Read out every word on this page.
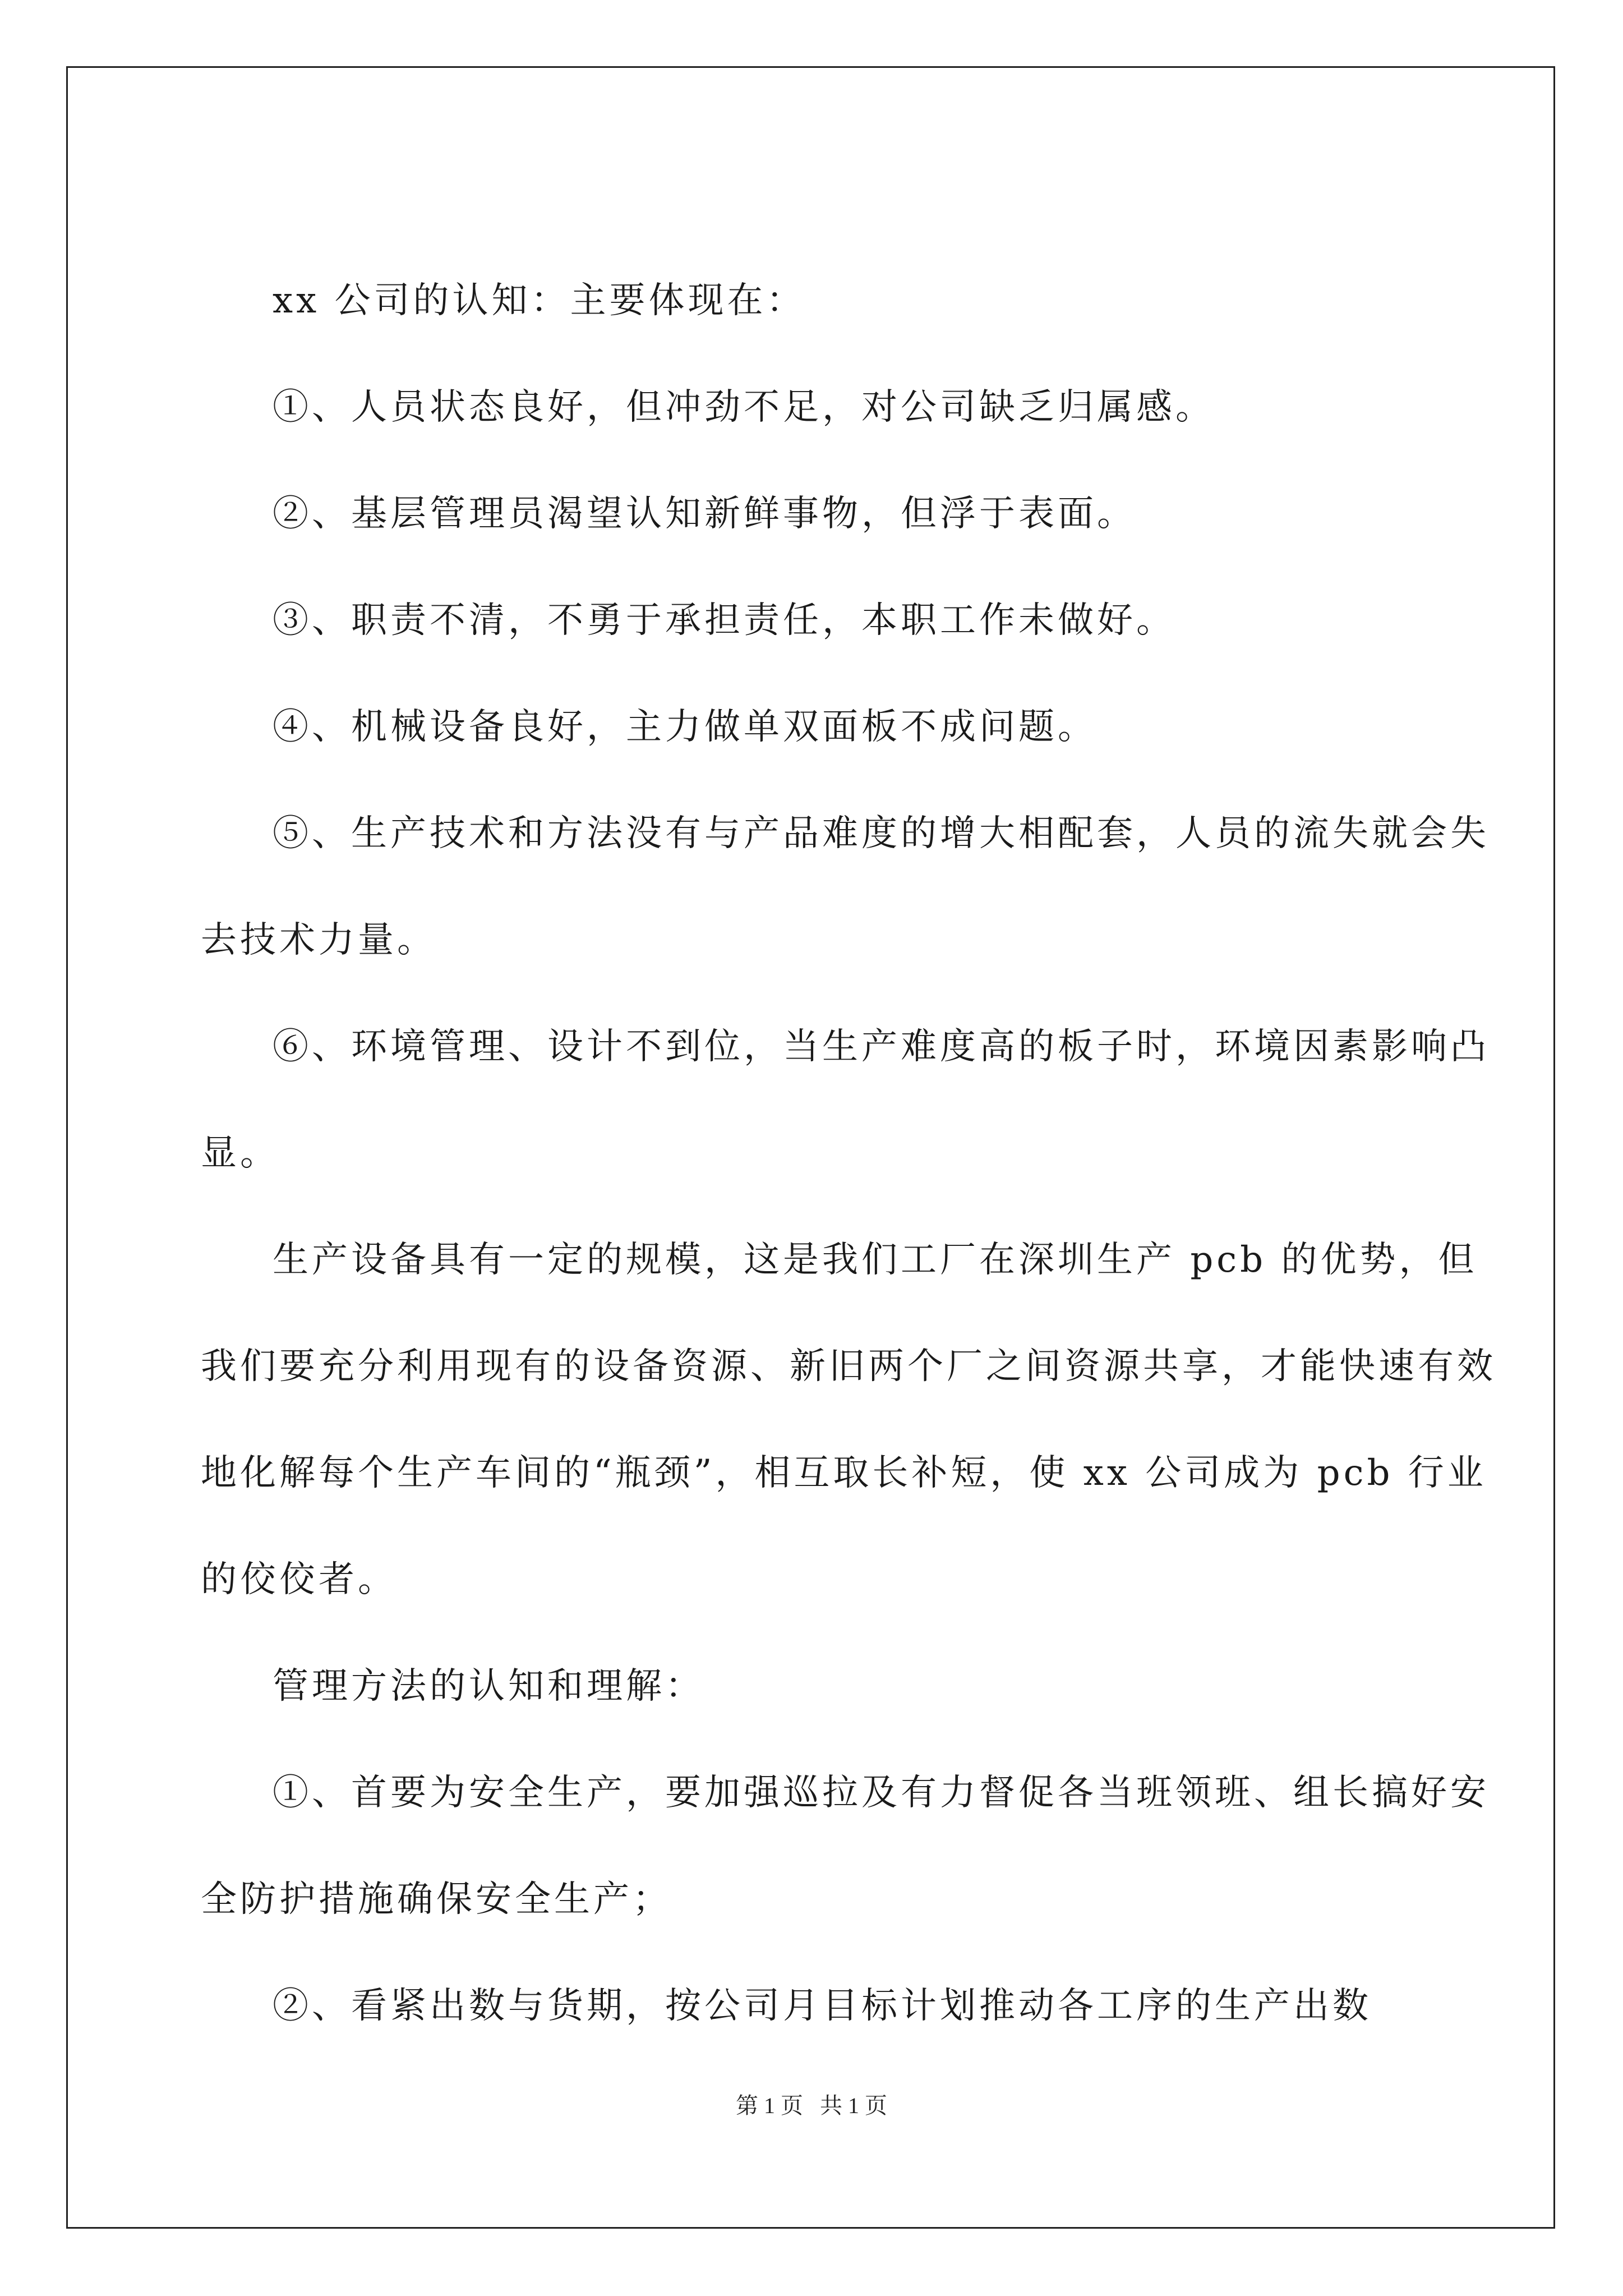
xx 公司的认知：主要体现在：

①、人员状态良好，但冲劲不足，对公司缺乏归属感。

②、基层管理员渴望认知新鲜事物，但浮于表面。

③、职责不清，不勇于承担责任，本职工作未做好。

④、机械设备良好，主力做单双面板不成问题。

⑤、生产技术和方法没有与产品难度的增大相配套，人员的流失就会失去技术力量。

⑥、环境管理、设计不到位，当生产难度高的板子时，环境因素影响凸显。

生产设备具有一定的规模，这是我们工厂在深圳生产 pcb 的优势，但我们要充分利用现有的设备资源、新旧两个厂之间资源共享，才能快速有效地化解每个生产车间的“瓶颈”，相互取长补短，使 xx 公司成为 pcb 行业的佼佼者。

管理方法的认知和理解：

①、首要为安全生产，要加强巡拉及有力督促各当班领班、组长搞好安全防护措施确保安全生产；

②、看紧出数与货期，按公司月目标计划推动各工序的生产出数

第 1 页 共 1 页
